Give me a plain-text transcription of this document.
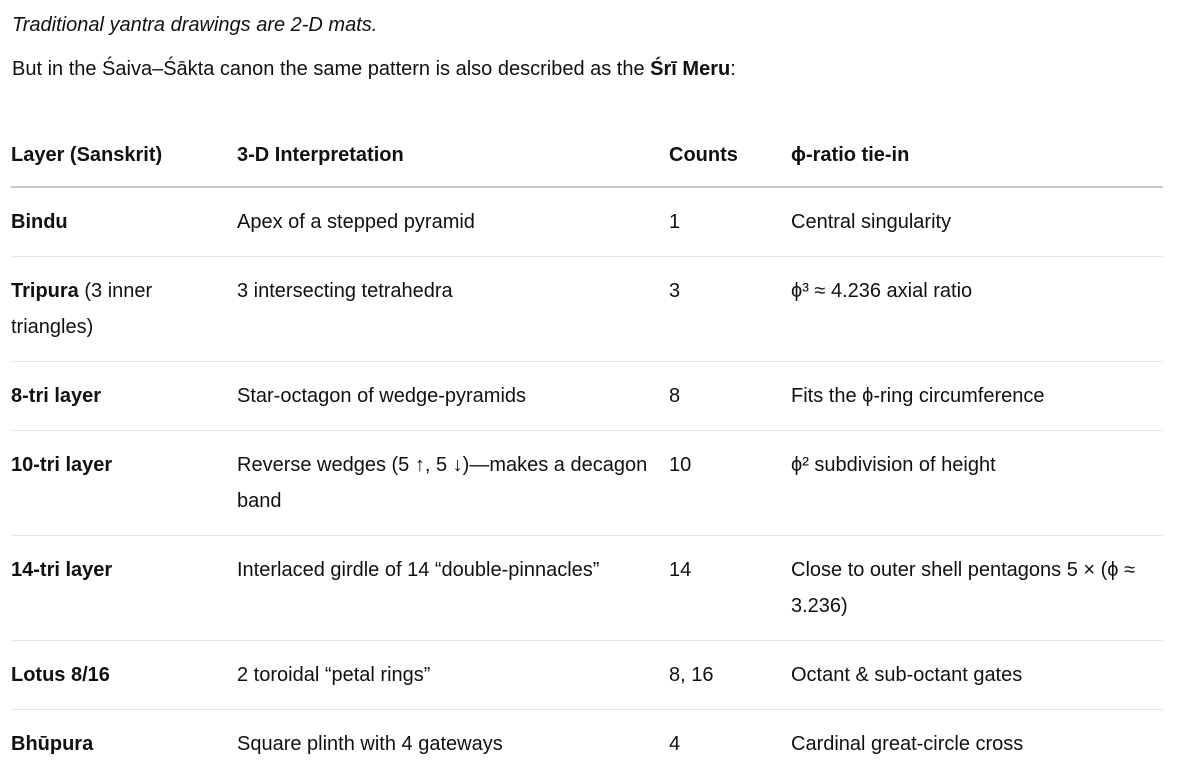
Traditional yantra drawings are 2-D mats.

But in the Śaiva–Śākta canon the same pattern is also described as the Śrī Meru:

Layer (Sanskrit)	3-D Interpretation	Counts	ϕ-ratio tie-in
Bindu	Apex of a stepped pyramid	1	Central singularity
Tripura (3 inner triangles)	3 intersecting tetrahedra	3	ϕ³ ≈ 4.236 axial ratio
8-tri layer	Star-octagon of wedge-pyramids	8	Fits the ϕ-ring circumference
10-tri layer	Reverse wedges (5 ↑, 5 ↓)—makes a decagon band	10	ϕ² subdivision of height
14-tri layer	Interlaced girdle of 14 “double-pinnacles”	14	Close to outer shell pentagons 5 × (ϕ ≈ 3.236)
Lotus 8/16	2 toroidal “petal rings”	8, 16	Octant & sub-octant gates
Bhūpura	Square plinth with 4 gateways	4	Cardinal great-circle cross
